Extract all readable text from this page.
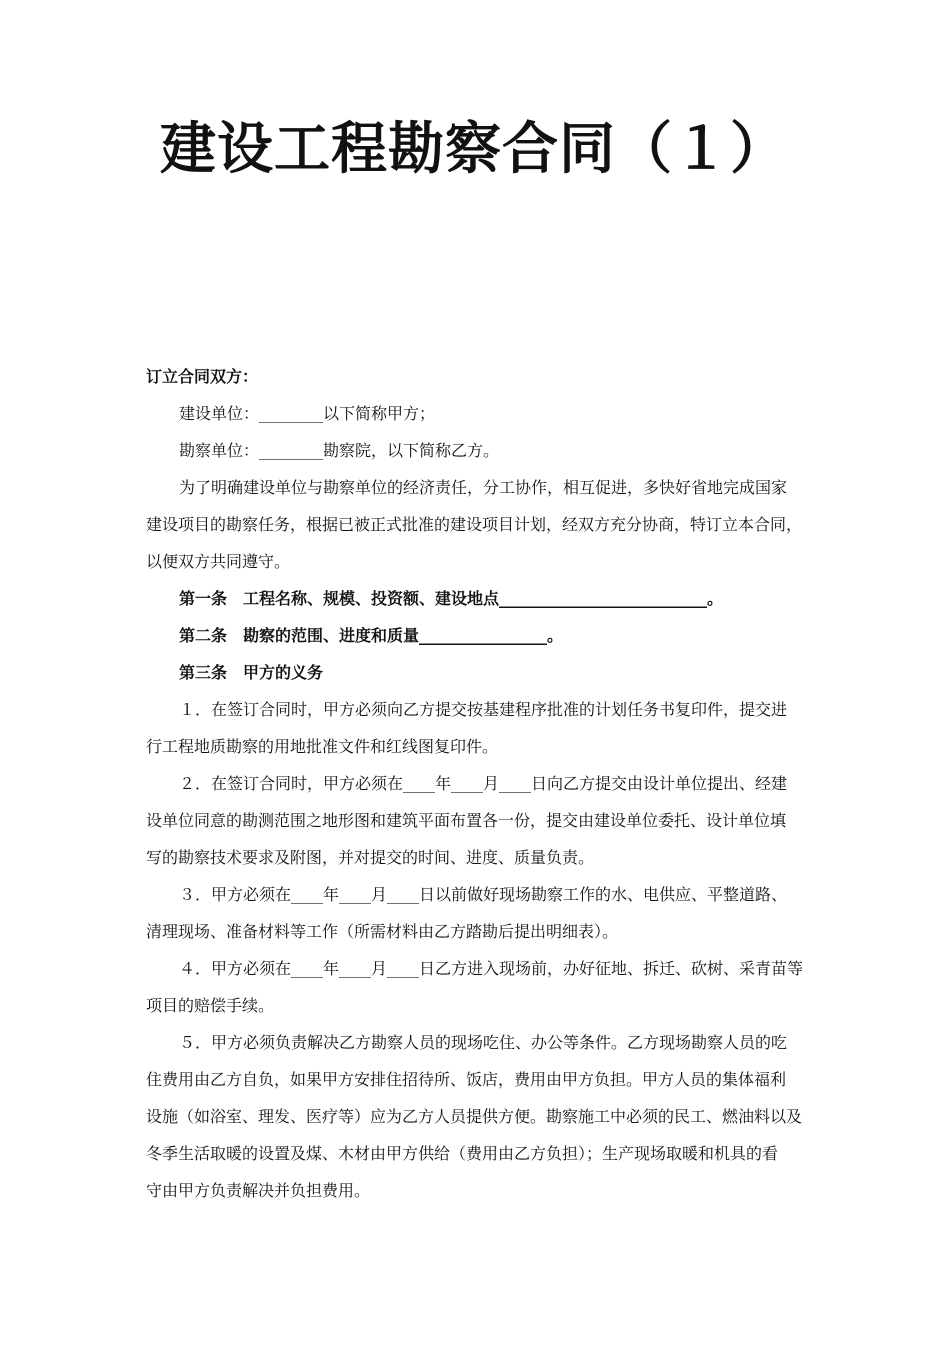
建设工程勘察合同（１）
订立合同双方：
建设单位：________以下简称甲方；
勘察单位：________勘察院，以下简称乙方。
为了明确建设单位与勘察单位的经济责任，分工协作，相互促进，多快好省地完成国家
建设项目的勘察任务，根据已被正式批准的建设项目计划，经双方充分协商，特订立本合同，
以便双方共同遵守。
第一条 工程名称、规模、投资额、建设地点__________________________。
第二条 勘察的范围、进度和质量________________。
第三条 甲方的义务
１．在签订合同时，甲方必须向乙方提交按基建程序批准的计划任务书复印件，提交进
行工程地质勘察的用地批准文件和红线图复印件。
２．在签订合同时，甲方必须在____年____月____日向乙方提交由设计单位提出、经建
设单位同意的勘测范围之地形图和建筑平面布置各一份，提交由建设单位委托、设计单位填
写的勘察技术要求及附图，并对提交的时间、进度、质量负责。
３．甲方必须在____年____月____日以前做好现场勘察工作的水、电供应、平整道路、
清理现场、准备材料等工作（所需材料由乙方踏勘后提出明细表）。
４．甲方必须在____年____月____日乙方进入现场前，办好征地、拆迁、砍树、采青苗等
项目的赔偿手续。
５．甲方必须负责解决乙方勘察人员的现场吃住、办公等条件。乙方现场勘察人员的吃
住费用由乙方自负，如果甲方安排住招待所、饭店，费用由甲方负担。甲方人员的集体福利
设施（如浴室、理发、医疗等）应为乙方人员提供方便。勘察施工中必须的民工、燃油料以及
冬季生活取暖的设置及煤、木材由甲方供给（费用由乙方负担）；生产现场取暖和机具的看
守由甲方负责解决并负担费用。
